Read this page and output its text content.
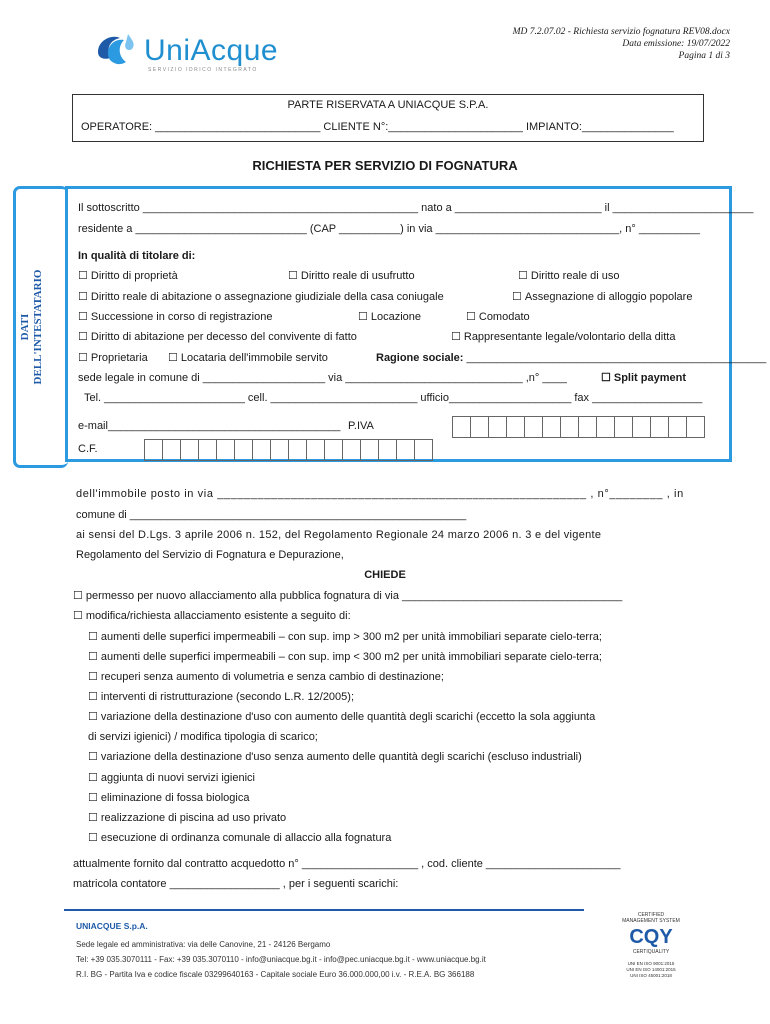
MD 7.2.07.02 - Richiesta servizio fognatura REV08.docx
Data emissione: 19/07/2022
Pagina 1 di 3
UniAcque
SERVIZIO IDRICO INTEGRATO
PARTE RISERVATA A UNIACQUE S.P.A.
OPERATORE: ___________________________ CLIENTE N°:______________________ IMPIANTO:_______________
RICHIESTA PER SERVIZIO DI FOGNATURA
DATI DELL'INTESTATARIO
Il sottoscritto _____________________________________________ nato a ________________________ il _______________________
residente a ____________________________ (CAP __________) in via ______________________________, n° __________
In qualità di titolare di:
☐ Diritto di proprietà	☐ Diritto reale di usufrutto	☐ Diritto reale di uso
☐ Diritto reale di abitazione o assegnazione giudiziale della casa coniugale	☐ Assegnazione di alloggio popolare
☐ Successione in corso di registrazione	☐ Locazione	☐ Comodato
☐ Diritto di abitazione per decesso del convivente di fatto	☐ Rappresentante legale/volontario della ditta
☐ Proprietaria	☐ Locataria dell'immobile servito	Ragione sociale: _________________________________________________
sede legale in comune di ____________________ via _____________________________ ,n° ____	☐ Split payment
Tel. _______________________ cell. ________________________ ufficio____________________ fax __________________
e-mail______________________________________ P.IVA
C.F.
dell'immobile posto in via _______________________________________________________ , n°________ , in
comune di _______________________________________________________
ai sensi del D.Lgs. 3 aprile 2006 n. 152, del Regolamento Regionale 24 marzo 2006 n. 3 e del vigente
Regolamento del Servizio di Fognatura e Depurazione,
CHIEDE
☐ permesso per nuovo allacciamento alla pubblica fognatura di via ____________________________________
☐ modifica/richiesta allacciamento esistente a seguito di:
☐ aumenti delle superfici impermeabili – con sup. imp > 300 m2 per unità immobiliari separate cielo-terra;
☐ aumenti delle superfici impermeabili – con sup. imp < 300 m2 per unità immobiliari separate cielo-terra;
☐ recuperi senza aumento di volumetria e senza cambio di destinazione;
☐ interventi di ristrutturazione (secondo L.R. 12/2005);
☐ variazione della destinazione d'uso con aumento delle quantità degli scarichi (eccetto la sola aggiunta
di servizi igienici) / modifica tipologia di scarico;
☐ variazione della destinazione d'uso senza aumento delle quantità degli scarichi (escluso industriali)
☐ aggiunta di nuovi servizi igienici
☐ eliminazione di fossa biologica
☐ realizzazione di piscina ad uso privato
☐ esecuzione di ordinanza comunale di allaccio alla fognatura
attualmente fornito dal contratto acquedotto n° ___________________ , cod. cliente ______________________
matricola contatore __________________ , per i seguenti scarichi:
UNIACQUE S.p.A.
Sede legale ed amministrativa: via delle Canovine, 21 - 24126 Bergamo
Tel: +39 035.3070111 - Fax: +39 035.3070110 - info@uniacque.bg.it - info@pec.uniacque.bg.it - www.uniacque.bg.it
R.I. BG - Partita Iva e codice fiscale 03299640163 - Capitale sociale Euro 36.000.000,00 i.v. - R.E.A. BG 366188
CERTIFIED MANAGEMENT SYSTEM
CQY
CERTIQUALITY
UNI EN ISO 9001:2015
UNI EN ISO 14001:2015
UNI ISO 45001:2018
